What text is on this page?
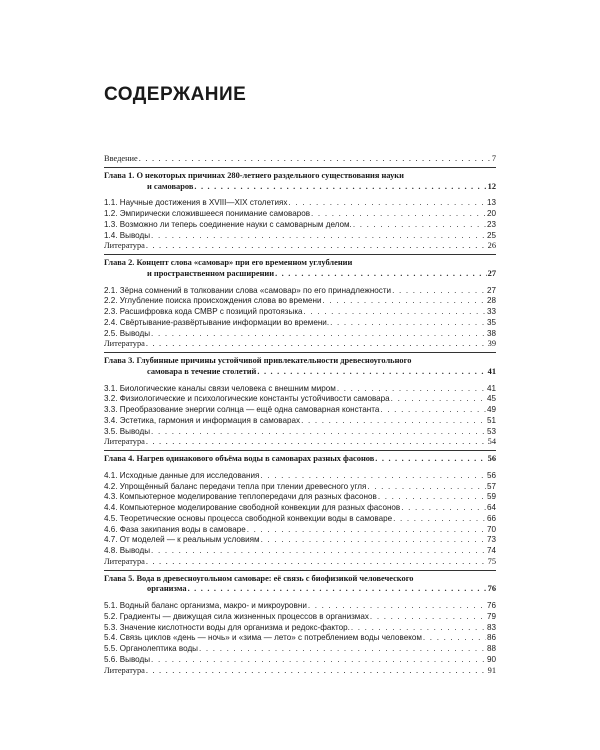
СОДЕРЖАНИЕ
Введение . . .	7
Глава 1. О некоторых причинах 280-летнего раздельного существования науки
и самоваров . . .	12
1.1. Научные достижения в XVIII—XIX столетиях . . .	13
1.2. Эмпирически сложившееся понимание самоваров . . .	20
1.3. Возможно ли теперь соединение науки с самоварным делом. . . .	23
1.4. Выводы . . .	25
Литература . . .	26
Глава 2. Концепт слова «самовар» при его временном углублении
и пространственном расширении . . .	27
2.1. Зёрна сомнений в толковании слова «самовар» по его принадлежности . . .	27
2.2. Углубление поиска происхождения слова во времени . . .	28
2.3. Расшифровка кода СМВР с позиций протоязыка . . .	33
2.4. Свёртывание-развёртывание информации во времени. . . .	35
2.5. Выводы . . .	38
Литература . . .	39
Глава 3. Глубинные причины устойчивой привлекательности древесноугольного
самовара в течение столетий . . .	41
3.1. Биологические каналы связи человека с внешним миром . . .	41
3.2. Физиологические и психологические константы устойчивости самовара . . .	45
3.3. Преобразование энергии солнца — ещё одна самоварная константа . . .	49
3.4. Эстетика, гармония и информация в самоварах . . .	51
3.5. Выводы . . .	53
Литература . . .	54
Глава 4. Нагрев одинакового объёма воды в самоварах разных фасонов . . .	56
4.1. Исходные данные для исследования . . .	56
4.2. Упрощённый баланс передачи тепла при тлении древесного угля . . .	57
4.3. Компьютерное моделирование теплопередачи для разных фасонов . . .	59
4.4. Компьютерное моделирование свободной конвекции для разных фасонов . . .	64
4.5. Теоретические основы процесса свободной конвекции воды в самоваре . . .	66
4.6. Фаза закипания воды в самоваре . . .	70
4.7. От моделей — к реальным условиям . . .	73
4.8. Выводы . . .	74
Литература . . .	75
Глава 5. Вода в древесноугольном самоваре: её связь с биофизикой человеческого
организма . . .	76
5.1. Водный баланс организма, макро- и микроуровни . . .	76
5.2. Градиенты — движущая сила жизненных процессов в организмах . . .	79
5.3. Значение кислотности воды для организма и редокс-фактор. . . .	83
5.4. Связь циклов «день — ночь» и «зима — лето» с потреблением воды человеком . . .	86
5.5. Органолептика воды . . .	88
5.6. Выводы . . .	90
Литература . . .	91
